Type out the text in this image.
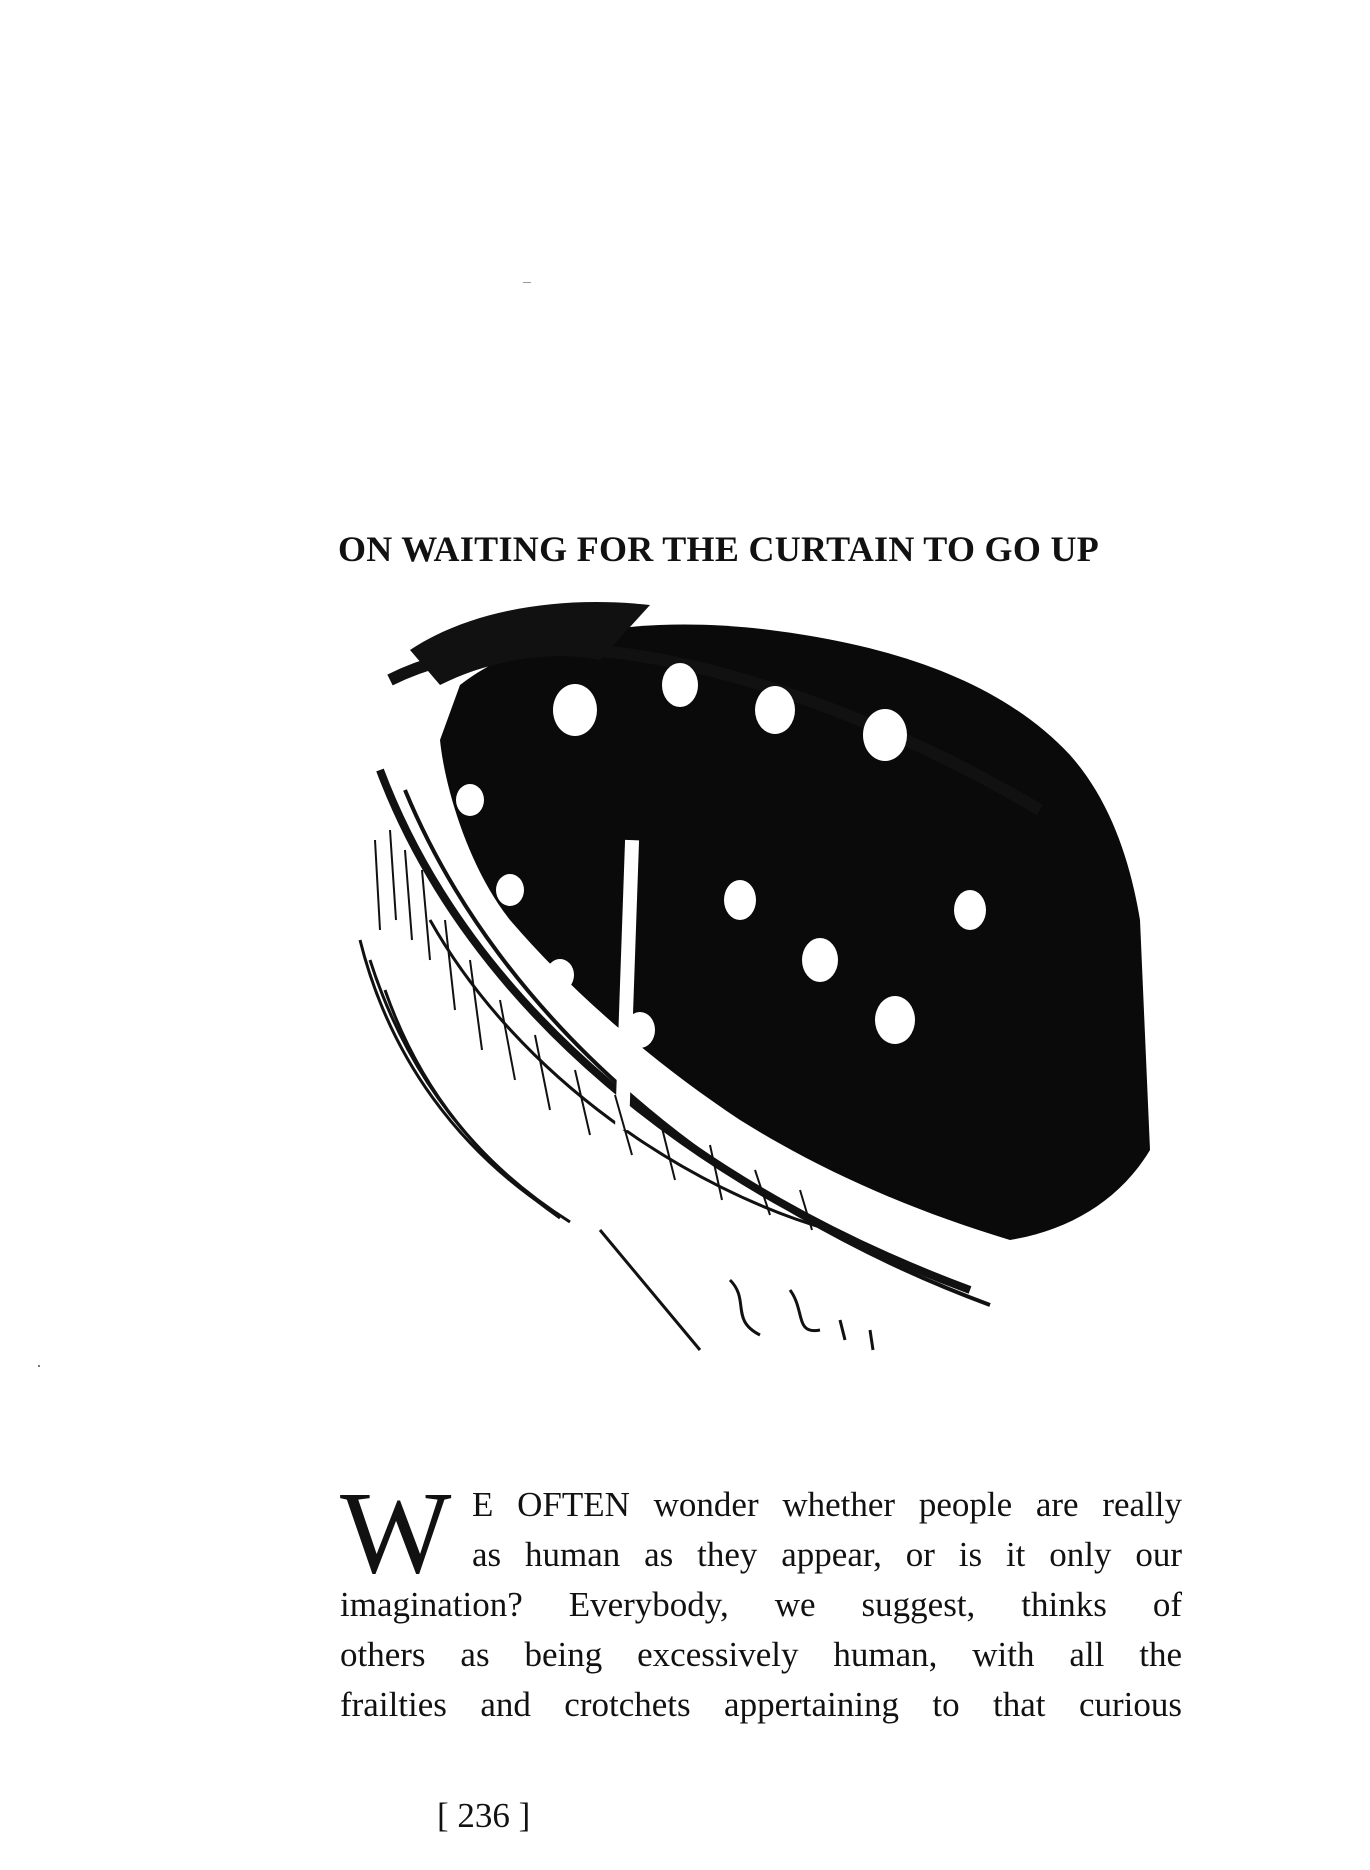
ON WAITING FOR THE CURTAIN TO GO UP
W E OFTEN wonder whether people are really
as human as they appear, or is it only our
imagination? Everybody, we suggest, thinks of
others as being excessively human, with all the
frailties and crotchets appertaining to that curious
[ 236 ]
